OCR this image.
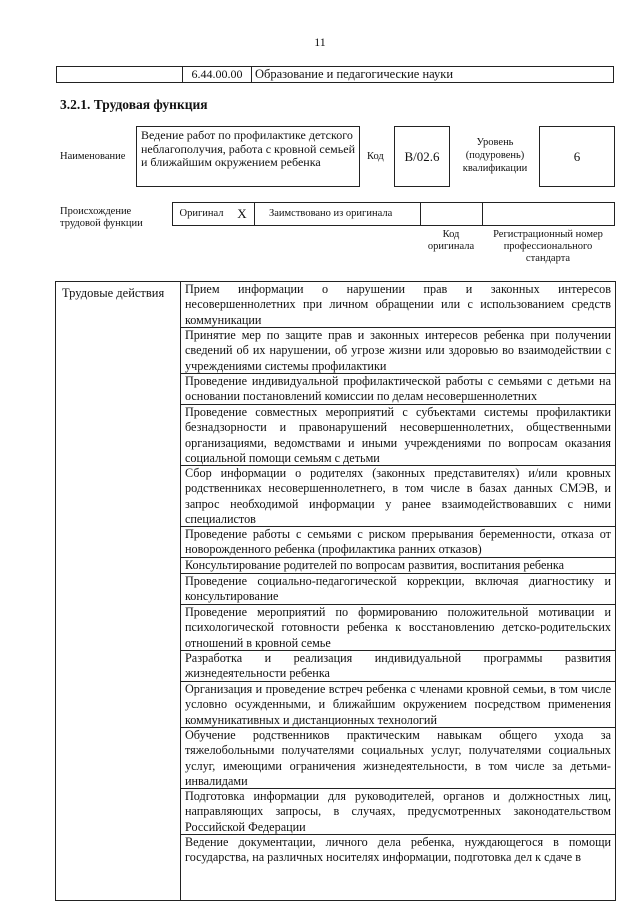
11
6.44.00.00	Образование и педагогические науки
3.2.1. Трудовая функция
Наименование
Ведение работ по профилактике детского неблагополучия, работа с кровной семьей и ближайшим окружением ребенка	Код	B/02.6
Уровень (подуровень) квалификации
6
Происхождение трудовой функции
Оригинал	X	Заимствовано из оригинала
Код оригинала
Регистрационный номер профессионального стандарта
Трудовые действия	Прием информации о нарушении прав и законных интересов несовершеннолетних при личном обращении или с использованием средств коммуникации
Принятие мер по защите прав и законных интересов ребенка при получении сведений об их нарушении, об угрозе жизни или здоровью во взаимодействии с учреждениями системы профилактики
Проведение индивидуальной профилактической работы с семьями с детьми на основании постановлений комиссии по делам несовершеннолетних
Проведение совместных мероприятий с субъектами системы профилактики безнадзорности и правонарушений несовершеннолетних, общественными организациями, ведомствами и иными учреждениями по вопросам оказания социальной помощи семьям с детьми
Сбор информации о родителях (законных представителях) и/или кровных родственниках несовершеннолетнего, в том числе в базах данных СМЭВ, и запрос необходимой информации у ранее взаимодействовавших с ними специалистов
Проведение работы с семьями с риском прерывания беременности, отказа от новорожденного ребенка (профилактика ранних отказов)
Консультирование родителей по вопросам развития, воспитания ребенка
Проведение социально-педагогической коррекции, включая диагностику и консультирование
Проведение мероприятий по формированию положительной мотивации и психологической готовности ребенка к восстановлению детско-родительских отношений в кровной семье
Разработка и реализация индивидуальной программы развития жизнедеятельности ребенка
Организация и проведение встреч ребенка с членами кровной семьи, в том числе условно осужденными, и ближайшим окружением посредством применения коммуникативных и дистанционных технологий
Обучение родственников практическим навыкам общего ухода за тяжелобольными получателями социальных услуг, получателями социальных услуг, имеющими ограничения жизнедеятельности, в том числе за детьми-инвалидами
Подготовка информации для руководителей, органов и должностных лиц, направляющих запросы, в случаях, предусмотренных законодательством Российской Федерации
Ведение документации, личного дела ребенка, нуждающегося в помощи государства, на различных носителях информации, подготовка дел к сдаче в
